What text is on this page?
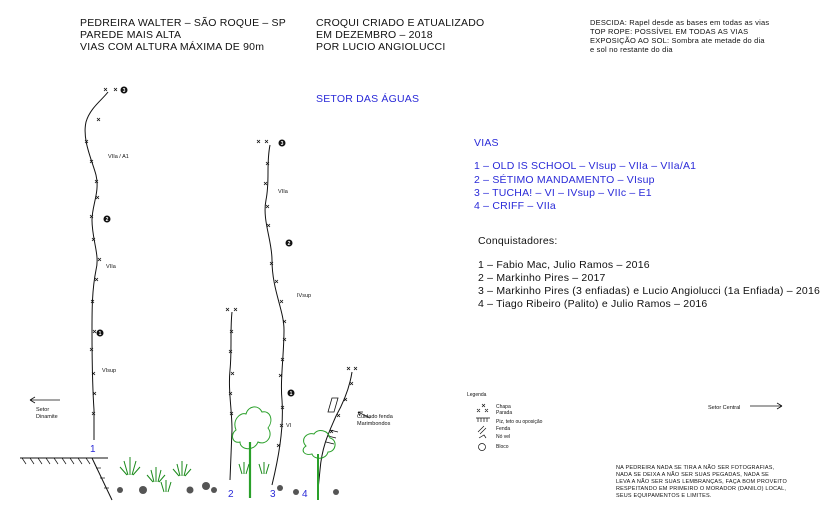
PEDREIRA WALTER – SÃO ROQUE – SP
PAREDE MAIS ALTA
VIAS COM ALTURA MÁXIMA DE 90m
CROQUI CRIADO E ATUALIZADO
EM DEZEMBRO – 2018
POR LUCIO ANGIOLUCCI
DESCIDA: Rapel desde as bases em todas as vias
TOP ROPE: POSSÍVEL EM TODAS AS VIAS
EXPOSIÇÃO AO SOL: Sombra ate metade do dia
e sol no restante do dia
SETOR DAS ÁGUAS
VIAS
1 – OLD IS SCHOOL – VIsup – VIIa – VIIa/A1
2 – SÉTIMO MANDAMENTO – VIsup
3 – TUCHA! – VI – IVsup – VIIc – E1
4 – CRIFF – VIIa
Conquistadores:
1 – Fabio Mac, Julio Ramos – 2016
2 – Markinho Pires – 2017
3 – Markinho Pires (3 enfiadas) e Lucio Angiolucci (1a Enfiada) – 2016
4 – Tiago Ribeiro (Palito) e Julio Ramos – 2016
NA PEDREIRA NADA SE TIRA A NÃO SER FOTOGRAFIAS,
NADA SE DEIXA A NÃO SER SUAS PEGADAS, NADA SE
LEVA A NÃO SER SUAS LEMBRANÇAS, FAÇA BOM PROVEITO
RESPEITANDO EM PRIMEIRO O MORADOR (DANILO) LOCAL,
SEUS EQUIPAMENTOS E LIMITES.
3
2
1
3
2
1
VIIa / A1
VIIa
VIsup
VIIa
IVsup
VI
1
2	3	4
Setor
Dinamite
Setor Central
Cuidado fenda
Marimbondos
Legenda
Chapa
Parada
Piz, teto ou oposição
Fenda
Nó vel
Bloco
